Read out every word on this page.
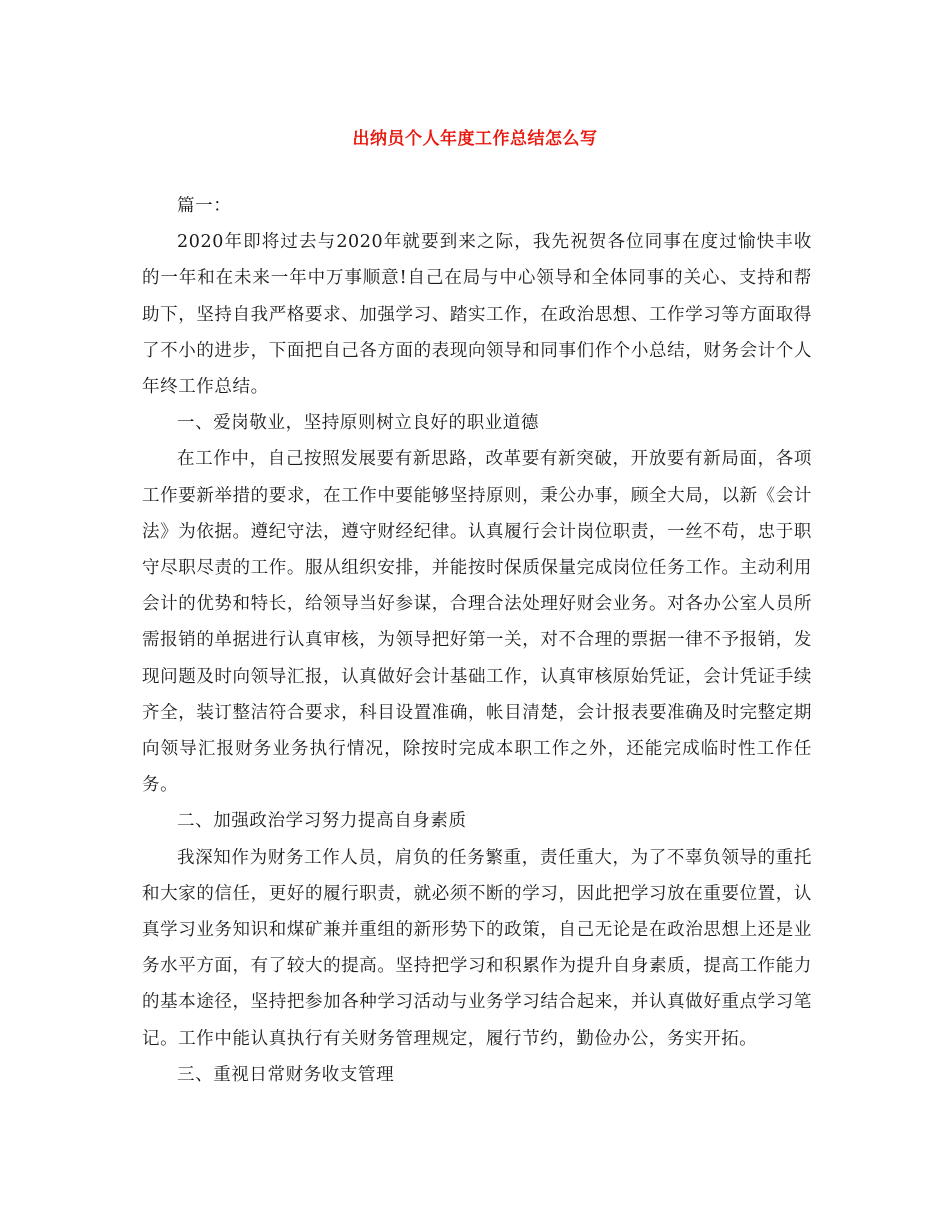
出纳员个人年度工作总结怎么写

篇一：

2020年即将过去与2020年就要到来之际，我先祝贺各位同事在度过愉快丰收的一年和在未来一年中万事顺意!自己在局与中心领导和全体同事的关心、支持和帮助下，坚持自我严格要求、加强学习、踏实工作，在政治思想、工作学习等方面取得了不小的进步，下面把自己各方面的表现向领导和同事们作个小总结，财务会计个人年终工作总结。

一、爱岗敬业，坚持原则树立良好的职业道德

在工作中，自己按照发展要有新思路，改革要有新突破，开放要有新局面，各项工作要新举措的要求，在工作中要能够坚持原则，秉公办事，顾全大局，以新《会计法》为依据。遵纪守法，遵守财经纪律。认真履行会计岗位职责，一丝不苟，忠于职守尽职尽责的工作。服从组织安排，并能按时保质保量完成岗位任务工作。主动利用会计的优势和特长，给领导当好参谋，合理合法处理好财会业务。对各办公室人员所需报销的单据进行认真审核，为领导把好第一关，对不合理的票据一律不予报销，发现问题及时向领导汇报，认真做好会计基础工作，认真审核原始凭证，会计凭证手续齐全，装订整洁符合要求，科目设置准确，帐目清楚，会计报表要准确及时完整定期向领导汇报财务业务执行情况，除按时完成本职工作之外，还能完成临时性工作任务。

二、加强政治学习努力提高自身素质

我深知作为财务工作人员，肩负的任务繁重，责任重大，为了不辜负领导的重托和大家的信任，更好的履行职责，就必须不断的学习，因此把学习放在重要位置，认真学习业务知识和煤矿兼并重组的新形势下的政策，自己无论是在政治思想上还是业务水平方面，有了较大的提高。坚持把学习和积累作为提升自身素质，提高工作能力的基本途径，坚持把参加各种学习活动与业务学习结合起来，并认真做好重点学习笔记。工作中能认真执行有关财务管理规定，履行节约，勤俭办公，务实开拓。

三、重视日常财务收支管理
